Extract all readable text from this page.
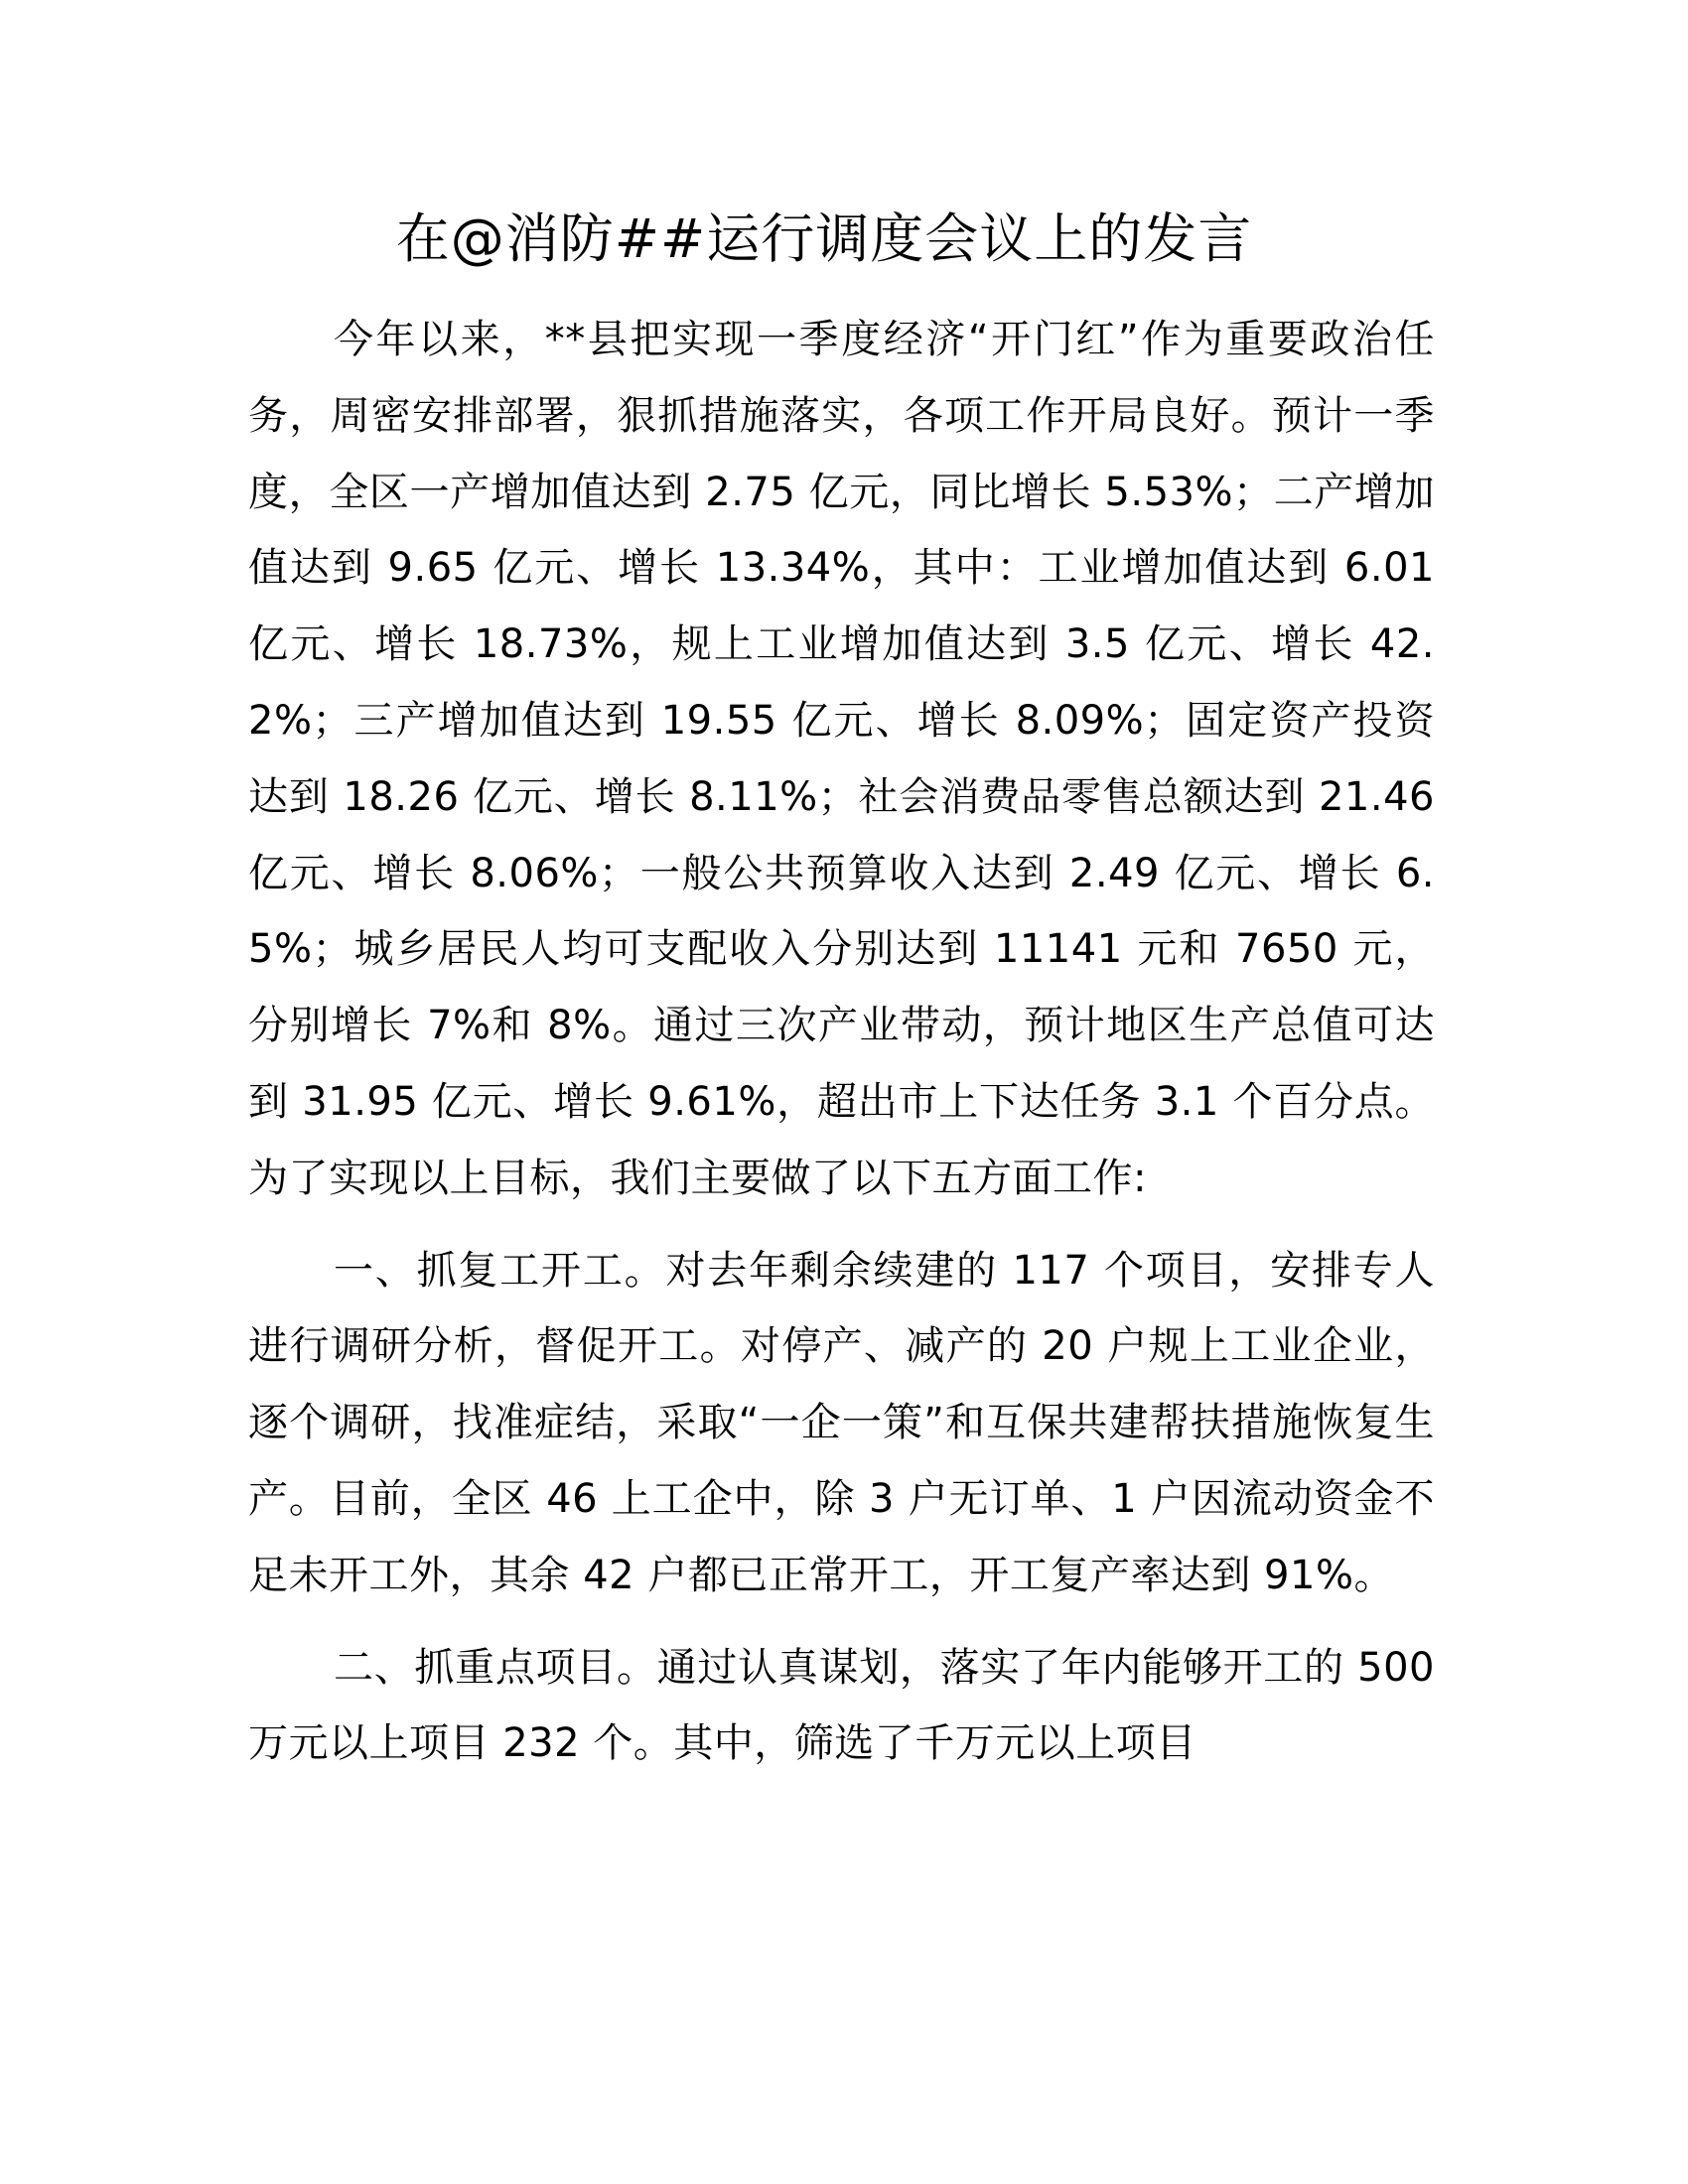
在@消防##运行调度会议上的发言

今年以来，**县把实现一季度经济“开门红”作为重要政治任务，周密安排部署，狠抓措施落实，各项工作开局良好。预计一季度，全区一产增加值达到 2.75 亿元，同比增长 5.53%；二产增加值达到 9.65 亿元、增长 13.34%，其中：工业增加值达到 6.01 亿元、增长 18.73%，规上工业增加值达到 3.5 亿元、增长 42.2%；三产增加值达到 19.55 亿元、增长 8.09%；固定资产投资达到 18.26 亿元、增长 8.11%；社会消费品零售总额达到 21.46 亿元、增长 8.06%；一般公共预算收入达到 2.49 亿元、增长 6.5%；城乡居民人均可支配收入分别达到 11141 元和 7650 元，分别增长 7%和 8%。通过三次产业带动，预计地区生产总值可达到 31.95 亿元、增长 9.61%，超出市上下达任务 3.1 个百分点。为了实现以上目标，我们主要做了以下五方面工作:

一、抓复工开工。对去年剩余续建的 117 个项目，安排专人进行调研分析，督促开工。对停产、减产的 20 户规上工业企业，逐个调研，找准症结，采取“一企一策”和互保共建帮扶措施恢复生产。目前，全区 46 上工企中，除 3 户无订单、1 户因流动资金不足未开工外，其余 42 户都已正常开工，开工复产率达到 91%。

二、抓重点项目。通过认真谋划，落实了年内能够开工的 500 万元以上项目 232 个。其中，筛选了千万元以上项目
